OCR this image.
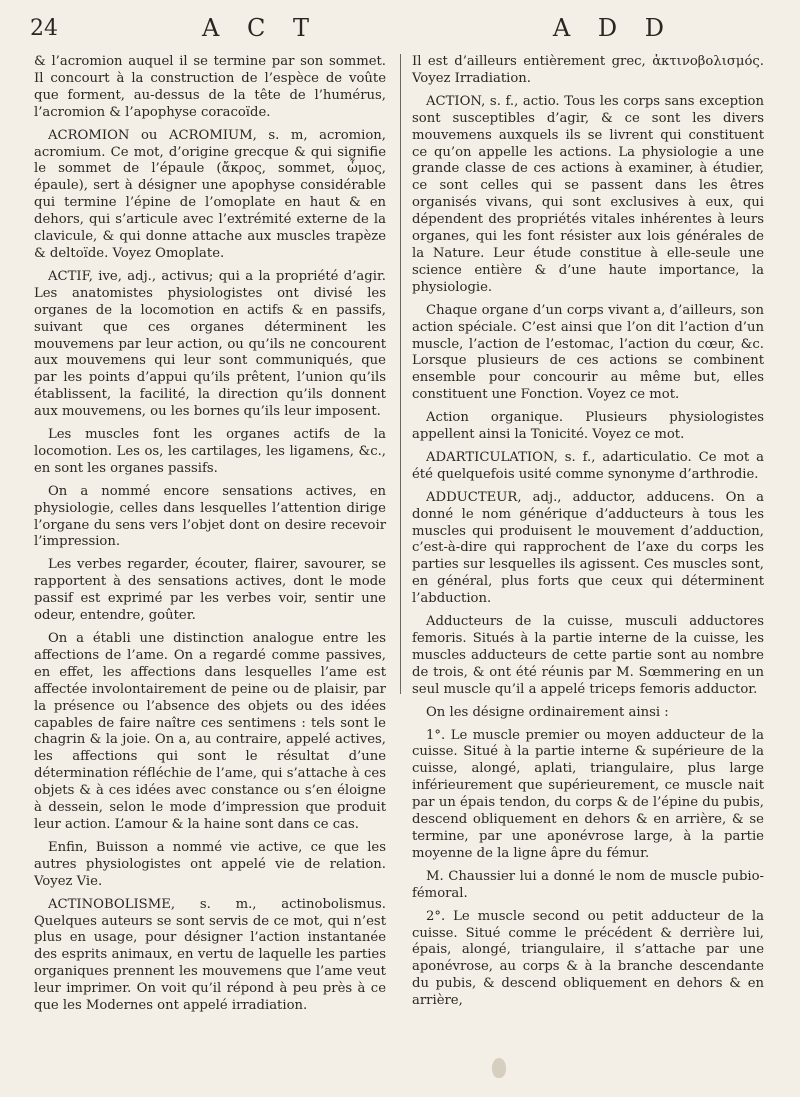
24	A C T	A D D

& l’acromion auquel il se termine par son sommet. Il concourt à la construction de l’espèce de voûte que forment, au-dessus de la tête de l’humérus, l’acromion & l’apophyse coracoïde.

ACROMION ou ACROMIUM, s. m, acromion, acromium. Ce mot, d’origine grecque & qui signifie le sommet de l’épaule (ἄκρος, sommet, ὦμος, épaule), sert à désigner une apophyse considérable qui termine l’épine de l’omoplate en haut & en dehors, qui s’articule avec l’extrémité externe de la clavicule, & qui donne attache aux muscles trapèze & deltoïde. Voyez Omoplate.

ACTIF, ive, adj., activus; qui a la propriété d’agir. Les anatomistes physiologistes ont divisé les organes de la locomotion en actifs & en passifs, suivant que ces organes déterminent les mouvemens par leur action, ou qu’ils ne concourent aux mouvemens qui leur sont communiqués, que par les points d’appui qu’ils prêtent, l’union qu’ils établissent, la facilité, la direction qu’ils donnent aux mouvemens, ou les bornes qu’ils leur imposent.

Les muscles font les organes actifs de la locomotion. Les os, les cartilages, les ligamens, &c., en sont les organes passifs.

On a nommé encore sensations actives, en physiologie, celles dans lesquelles l’attention dirige l’organe du sens vers l’objet dont on desire recevoir l’impression.

Les verbes regarder, écouter, flairer, savourer, se rapportent à des sensations actives, dont le mode passif est exprimé par les verbes voir, sentir une odeur, entendre, goûter.

On a établi une distinction analogue entre les affections de l’ame. On a regardé comme passives, en effet, les affections dans lesquelles l’ame est affectée involontairement de peine ou de plaisir, par la présence ou l’absence des objets ou des idées capables de faire naître ces sentimens : tels sont le chagrin & la joie. On a, au contraire, appelé actives, les affections qui sont le résultat d’une détermination réfléchie de l’ame, qui s’attache à ces objets & à ces idées avec constance ou s’en éloigne à dessein, selon le mode d’impression que produit leur action. L’amour & la haine sont dans ce cas.

Enfin, Buisson a nommé vie active, ce que les autres physiologistes ont appelé vie de relation. Voyez Vie.

ACTINOBOLISME, s. m., actinobolismus. Quelques auteurs se sont servis de ce mot, qui n’est plus en usage, pour désigner l’action instantanée des esprits animaux, en vertu de laquelle les parties organiques prennent les mouvemens que l’ame veut leur imprimer. On voit qu’il répond à peu près à ce que les Modernes ont appelé irradiation.

Il est d’ailleurs entièrement grec, ἀκτινοβολισμός. Voyez Irradiation.

ACTION, s. f., actio. Tous les corps sans exception sont susceptibles d’agir, & ce sont les divers mouvemens auxquels ils se livrent qui constituent ce qu’on appelle les actions. La physiologie a une grande classe de ces actions à examiner, à étudier, ce sont celles qui se passent dans les êtres organisés vivans, qui sont exclusives à eux, qui dépendent des propriétés vitales inhérentes à leurs organes, qui les font résister aux lois générales de la Nature. Leur étude constitue à elle-seule une science entière & d’une haute importance, la physiologie.

Chaque organe d’un corps vivant a, d’ailleurs, son action spéciale. C’est ainsi que l’on dit l’action d’un muscle, l’action de l’estomac, l’action du cœur, &c. Lorsque plusieurs de ces actions se combinent ensemble pour concourir au même but, elles constituent une Fonction. Voyez ce mot.

Action organique. Plusieurs physiologistes appellent ainsi la Tonicité. Voyez ce mot.

ADARTICULATION, s. f., adarticulatio. Ce mot a été quelquefois usité comme synonyme d’arthrodie.

ADDUCTEUR, adj., adductor, adducens. On a donné le nom générique d’adducteurs à tous les muscles qui produisent le mouvement d’adduction, c’est-à-dire qui rapprochent de l’axe du corps les parties sur lesquelles ils agissent. Ces muscles sont, en général, plus forts que ceux qui déterminent l’abduction.

Adducteurs de la cuisse, musculi adductores femoris. Situés à la partie interne de la cuisse, les muscles adducteurs de cette partie sont au nombre de trois, & ont été réunis par M. Sœmmering en un seul muscle qu’il a appelé triceps femoris adductor.

On les désigne ordinairement ainsi :

1°. Le muscle premier ou moyen adducteur de la cuisse. Situé à la partie interne & supérieure de la cuisse, alongé, aplati, triangulaire, plus large inférieurement que supérieurement, ce muscle nait par un épais tendon, du corps & de l’épine du pubis, descend obliquement en dehors & en arrière, & se termine, par une aponévrose large, à la partie moyenne de la ligne âpre du fémur.

M. Chaussier lui a donné le nom de muscle pubio-fémoral.

2°. Le muscle second ou petit adducteur de la cuisse. Situé comme le précédent & derrière lui, épais, alongé, triangulaire, il s’attache par une aponévrose, au corps & à la branche descendante du pubis, & descend obliquement en dehors & en arrière,
